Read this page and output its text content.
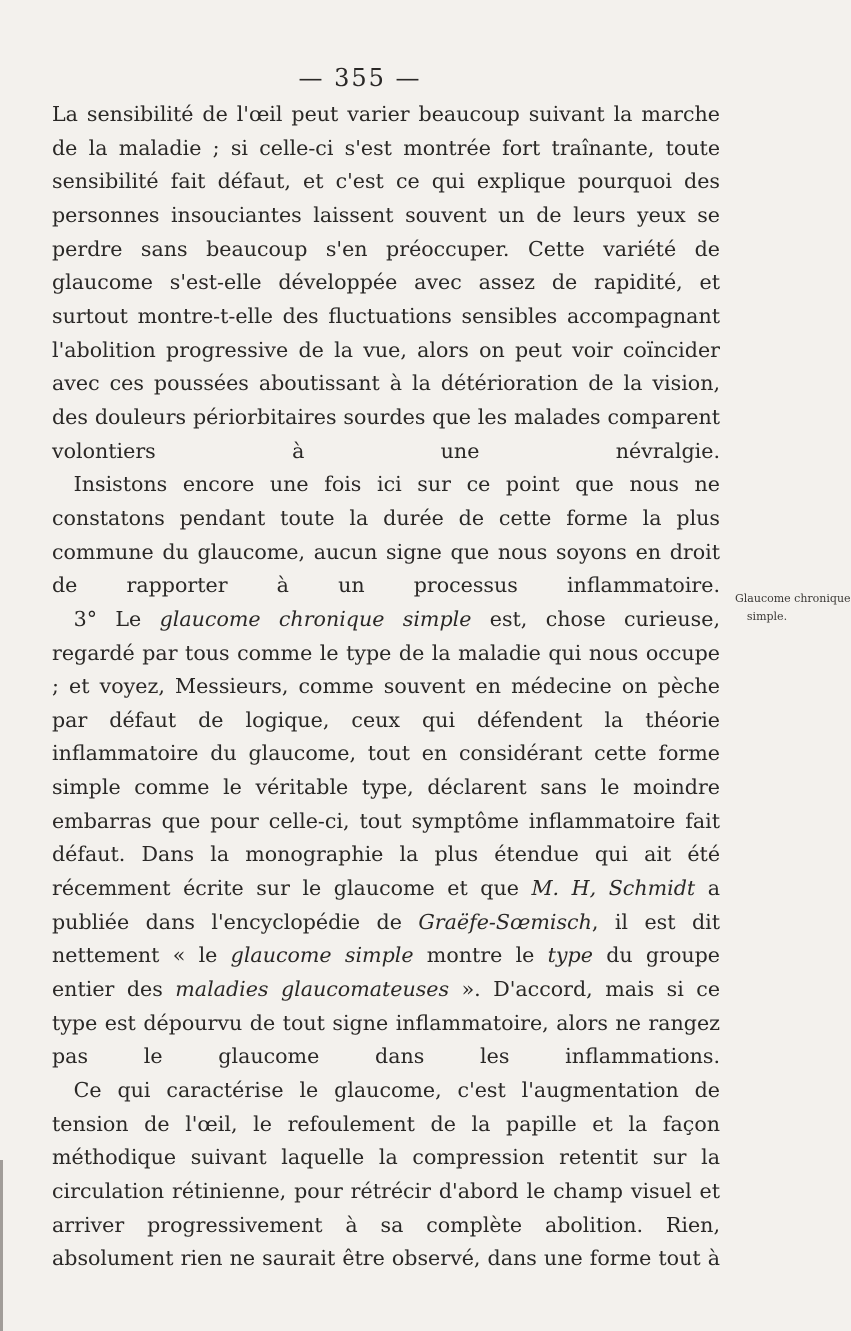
— 355 —

La sensibilité de l'œil peut varier beaucoup suivant la marche de la maladie ; si celle-ci s'est montrée fort traînante, toute sensibilité fait défaut, et c'est ce qui explique pourquoi des personnes insouciantes laissent souvent un de leurs yeux se perdre sans beaucoup s'en préoccuper. Cette variété de glaucome s'est-elle développée avec assez de rapidité, et surtout montre-t-elle des fluctuations sensibles accompagnant l'abolition progressive de la vue, alors on peut voir coïncider avec ces poussées aboutissant à la détérioration de la vision, des douleurs périorbitaires sourdes que les malades comparent volontiers à une névralgie.

Insistons encore une fois ici sur ce point que nous ne constatons pendant toute la durée de cette forme la plus commune du glaucome, aucun signe que nous soyons en droit de rapporter à un processus inflammatoire.

3° Le glaucome chronique simple est, chose curieuse, regardé par tous comme le type de la maladie qui nous occupe ; et voyez, Messieurs, comme souvent en médecine on pèche par défaut de logique, ceux qui défendent la théorie inflammatoire du glaucome, tout en considérant cette forme simple comme le véritable type, déclarent sans le moindre embarras que pour celle-ci, tout symptôme inflammatoire fait défaut. Dans la monographie la plus étendue qui ait été récemment écrite sur le glaucome et que M. H, Schmidt a publiée dans l'encyclopédie de Graëfe-Sœmisch, il est dit nettement « le glaucome simple montre le type du groupe entier des maladies glaucomateuses ». D'accord, mais si ce type est dépourvu de tout signe inflammatoire, alors ne rangez pas le glaucome dans les inflammations.

Ce qui caractérise le glaucome, c'est l'augmentation de tension de l'œil, le refoulement de la papille et la façon méthodique suivant laquelle la compression retentit sur la circulation rétinienne, pour rétrécir d'abord le champ visuel et arriver progressivement à sa complète abolition. Rien, absolument rien ne saurait être observé, dans une forme tout à

Glaucome chronique
simple.
